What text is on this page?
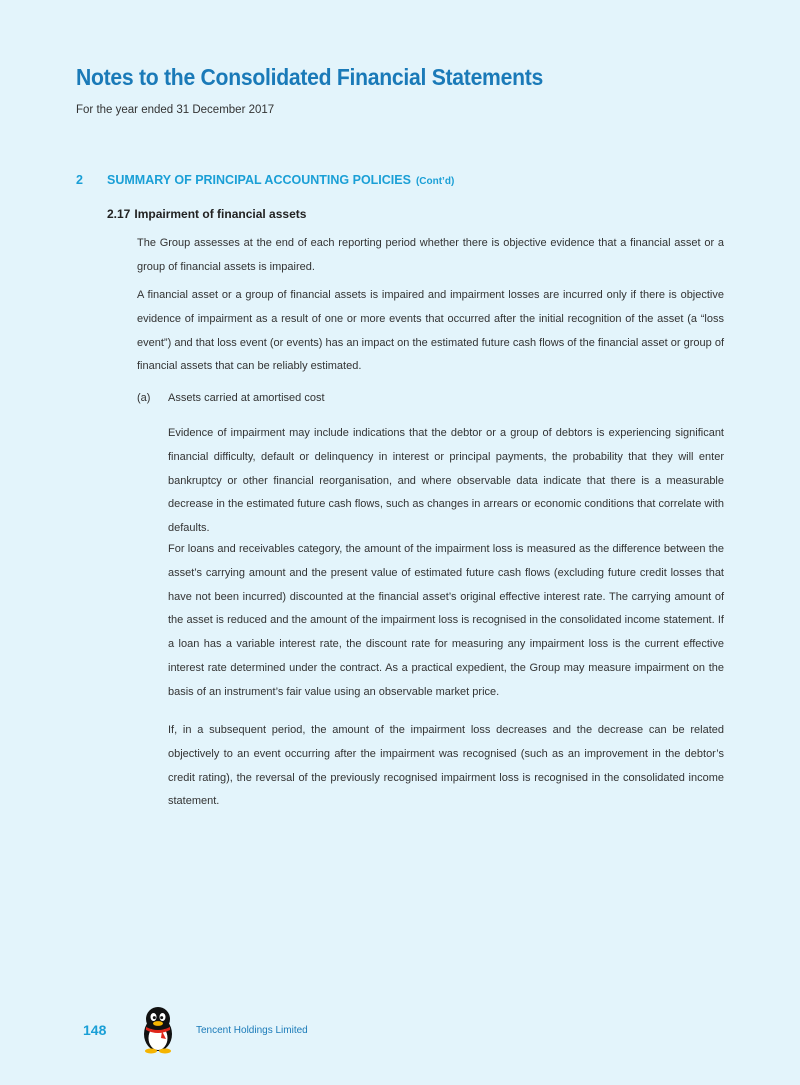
Notes to the Consolidated Financial Statements
For the year ended 31 December 2017
2	SUMMARY OF PRINCIPAL ACCOUNTING POLICIES (Cont’d)
2.17 Impairment of financial assets

The Group assesses at the end of each reporting period whether there is objective evidence that a financial asset or a group of financial assets is impaired.

A financial asset or a group of financial assets is impaired and impairment losses are incurred only if there is objective evidence of impairment as a result of one or more events that occurred after the initial recognition of the asset (a “loss event”) and that loss event (or events) has an impact on the estimated future cash flows of the financial asset or group of financial assets that can be reliably estimated.

(a)	Assets carried at amortised cost

Evidence of impairment may include indications that the debtor or a group of debtors is experiencing significant financial difficulty, default or delinquency in interest or principal payments, the probability that they will enter bankruptcy or other financial reorganisation, and where observable data indicate that there is a measurable decrease in the estimated future cash flows, such as changes in arrears or economic conditions that correlate with defaults.

For loans and receivables category, the amount of the impairment loss is measured as the difference between the asset’s carrying amount and the present value of estimated future cash flows (excluding future credit losses that have not been incurred) discounted at the financial asset’s original effective interest rate. The carrying amount of the asset is reduced and the amount of the impairment loss is recognised in the consolidated income statement. If a loan has a variable interest rate, the discount rate for measuring any impairment loss is the current effective interest rate determined under the contract. As a practical expedient, the Group may measure impairment on the basis of an instrument’s fair value using an observable market price.

If, in a subsequent period, the amount of the impairment loss decreases and the decrease can be related objectively to an event occurring after the impairment was recognised (such as an improvement in the debtor’s credit rating), the reversal of the previously recognised impairment loss is recognised in the consolidated income statement.

148	Tencent Holdings Limited
